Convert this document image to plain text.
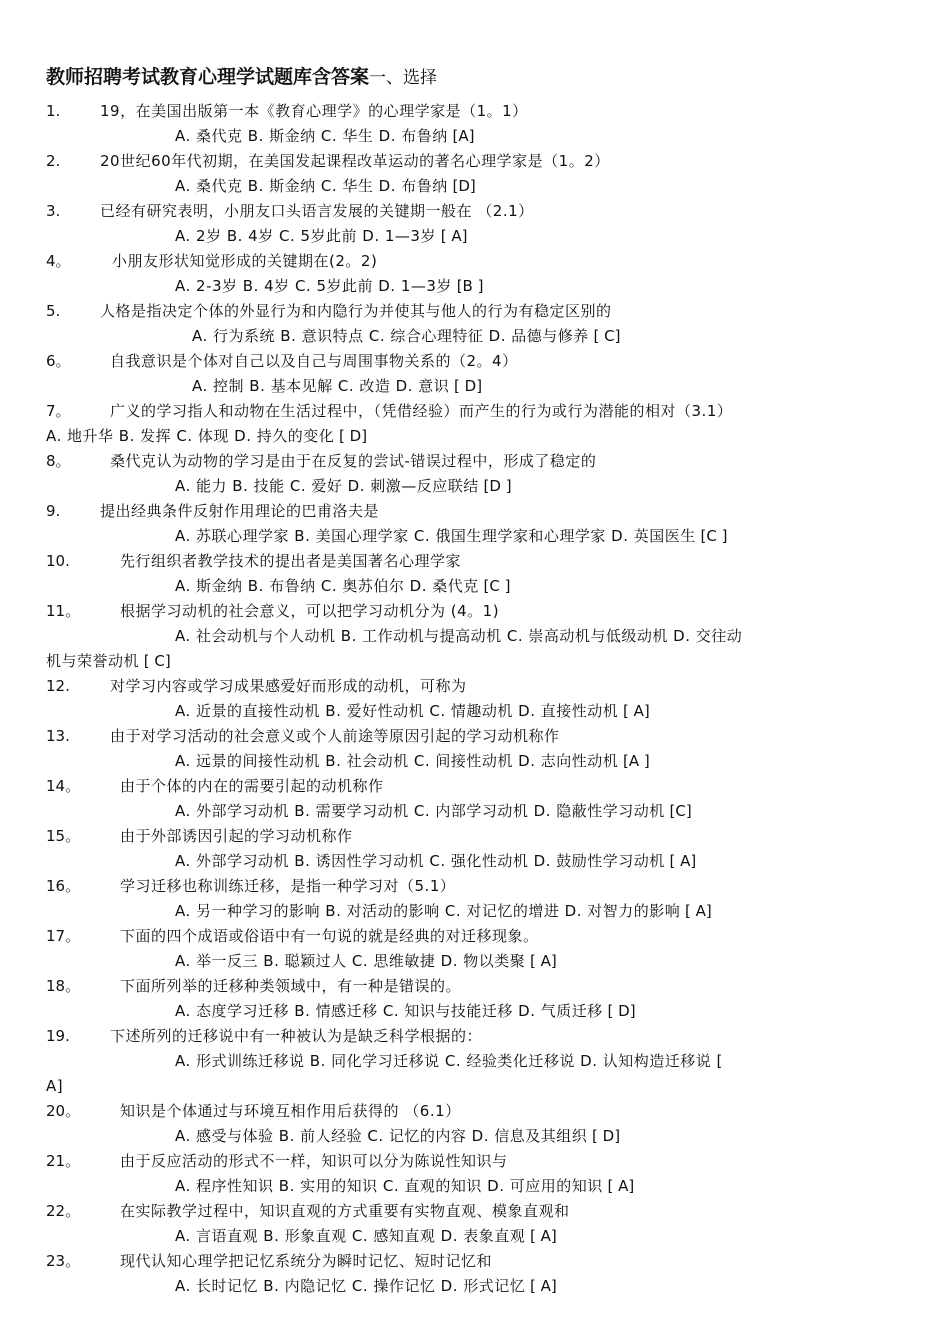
教师招聘考试教育心理学试题库含答案一、选择
1.	19，在美国出版第一本《教育心理学》的心理学家是（1。1）
A. 桑代克 B. 斯金纳 C. 华生 D. 布鲁纳 [A]
2.	20世纪60年代初期，在美国发起课程改革运动的著名心理学家是（1。2）
A. 桑代克 B. 斯金纳 C. 华生 D. 布鲁纳 [D]
3.	已经有研究表明，小朋友口头语言发展的关键期一般在 （2.1）
A. 2岁 B. 4岁 C. 5岁此前 D. 1—3岁 [ A]
4。	小朋友形状知觉形成的关键期在(2。2)
A. 2-3岁 B. 4岁 C. 5岁此前 D. 1—3岁 [B ]
5.	人格是指决定个体的外显行为和内隐行为并使其与他人的行为有稳定区别的
A. 行为系统 B. 意识特点 C. 综合心理特征 D. 品德与修养 [ C]
6。	自我意识是个体对自己以及自己与周围事物关系的（2。4）
A. 控制 B. 基本见解 C. 改造 D. 意识 [ D]
7。	广义的学习指人和动物在生活过程中，（凭借经验）而产生的行为或行为潜能的相对（3.1）
A. 地升华 B. 发挥 C. 体现 D. 持久的变化 [ D]
8。	桑代克认为动物的学习是由于在反复的尝试-错误过程中，形成了稳定的
A. 能力 B. 技能 C. 爱好 D. 刺激—反应联结 [D ]
9.	提出经典条件反射作用理论的巴甫洛夫是
A. 苏联心理学家 B. 美国心理学家 C. 俄国生理学家和心理学家 D. 英国医生 [C ]
10.	先行组织者教学技术的提出者是美国著名心理学家
A. 斯金纳 B. 布鲁纳 C. 奥苏伯尔 D. 桑代克 [C ]
11。	根据学习动机的社会意义，可以把学习动机分为 (4。1)
A. 社会动机与个人动机 B. 工作动机与提高动机 C. 崇高动机与低级动机 D. 交往动
机与荣誉动机 [ C]
12.	对学习内容或学习成果感爱好而形成的动机，可称为
A. 近景的直接性动机 B. 爱好性动机 C. 情趣动机 D. 直接性动机 [ A]
13.	由于对学习活动的社会意义或个人前途等原因引起的学习动机称作
A. 远景的间接性动机 B. 社会动机 C. 间接性动机 D. 志向性动机 [A ]
14。	由于个体的内在的需要引起的动机称作
A. 外部学习动机 B. 需要学习动机 C. 内部学习动机 D. 隐蔽性学习动机 [C]
15。	由于外部诱因引起的学习动机称作
A. 外部学习动机 B. 诱因性学习动机 C. 强化性动机 D. 鼓励性学习动机 [ A]
16。	学习迁移也称训练迁移，是指一种学习对（5.1）
A. 另一种学习的影响 B. 对活动的影响 C. 对记忆的增进 D. 对智力的影响 [ A]
17。	下面的四个成语或俗语中有一句说的就是经典的对迁移现象。
A. 举一反三 B. 聪颖过人 C. 思维敏捷 D. 物以类聚 [ A]
18。	下面所列举的迁移种类领域中，有一种是错误的。
A. 态度学习迁移 B. 情感迁移 C. 知识与技能迁移 D. 气质迁移 [ D]
19.	下述所列的迁移说中有一种被认为是缺乏科学根据的：
A. 形式训练迁移说 B. 同化学习迁移说 C. 经验类化迁移说 D. 认知构造迁移说 [
A]
20。	知识是个体通过与环境互相作用后获得的 （6.1）
A. 感受与体验 B. 前人经验 C. 记忆的内容 D. 信息及其组织 [ D]
21。	由于反应活动的形式不一样，知识可以分为陈说性知识与
A. 程序性知识 B. 实用的知识 C. 直观的知识 D. 可应用的知识 [ A]
22。	在实际教学过程中，知识直观的方式重要有实物直观、模象直观和
A. 言语直观 B. 形象直观 C. 感知直观 D. 表象直观 [ A]
23。	现代认知心理学把记忆系统分为瞬时记忆、短时记忆和
A. 长时记忆 B. 内隐记忆 C. 操作记忆 D. 形式记忆 [ A]
